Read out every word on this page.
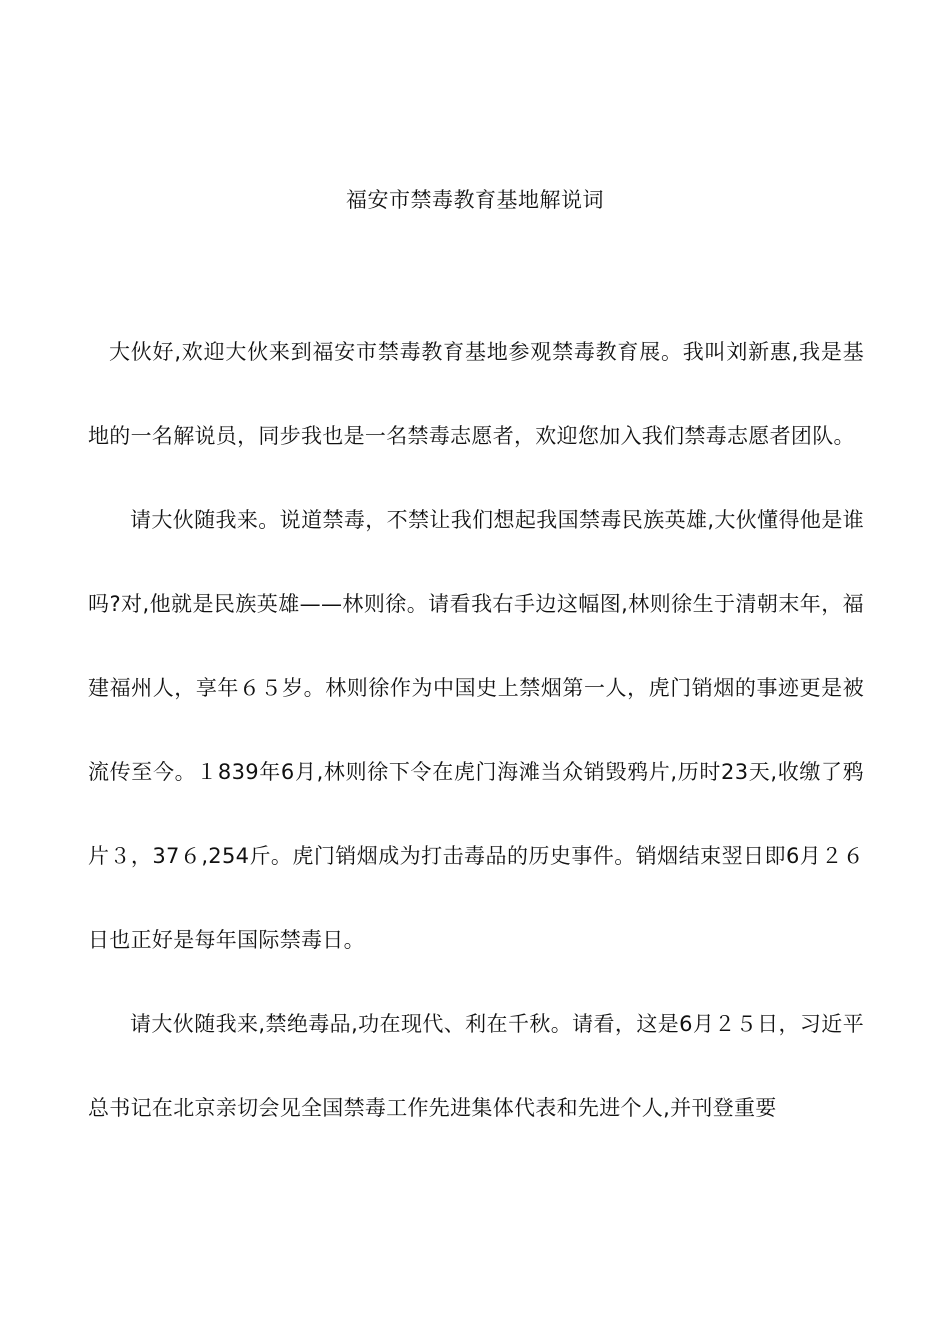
福安市禁毒教育基地解说词

大伙好,欢迎大伙来到福安市禁毒教育基地参观禁毒教育展。我叫刘新惠,我是基地的一名解说员，同步我也是一名禁毒志愿者，欢迎您加入我们禁毒志愿者团队。

请大伙随我来。说道禁毒，不禁让我们想起我国禁毒民族英雄,大伙懂得他是谁吗?对,他就是民族英雄——林则徐。请看我右手边这幅图,林则徐生于清朝末年，福建福州人，享年６５岁。林则徐作为中国史上禁烟第一人，虎门销烟的事迹更是被流传至今。１839年6月,林则徐下令在虎门海滩当众销毁鸦片,历时23天,收缴了鸦片３，37６,254斤。虎门销烟成为打击毒品的历史事件。销烟结束翌日即6月２６日也正好是每年国际禁毒日。

请大伙随我来,禁绝毒品,功在现代、利在千秋。请看，这是6月２５日，习近平总书记在北京亲切会见全国禁毒工作先进集体代表和先进个人,并刊登重要
